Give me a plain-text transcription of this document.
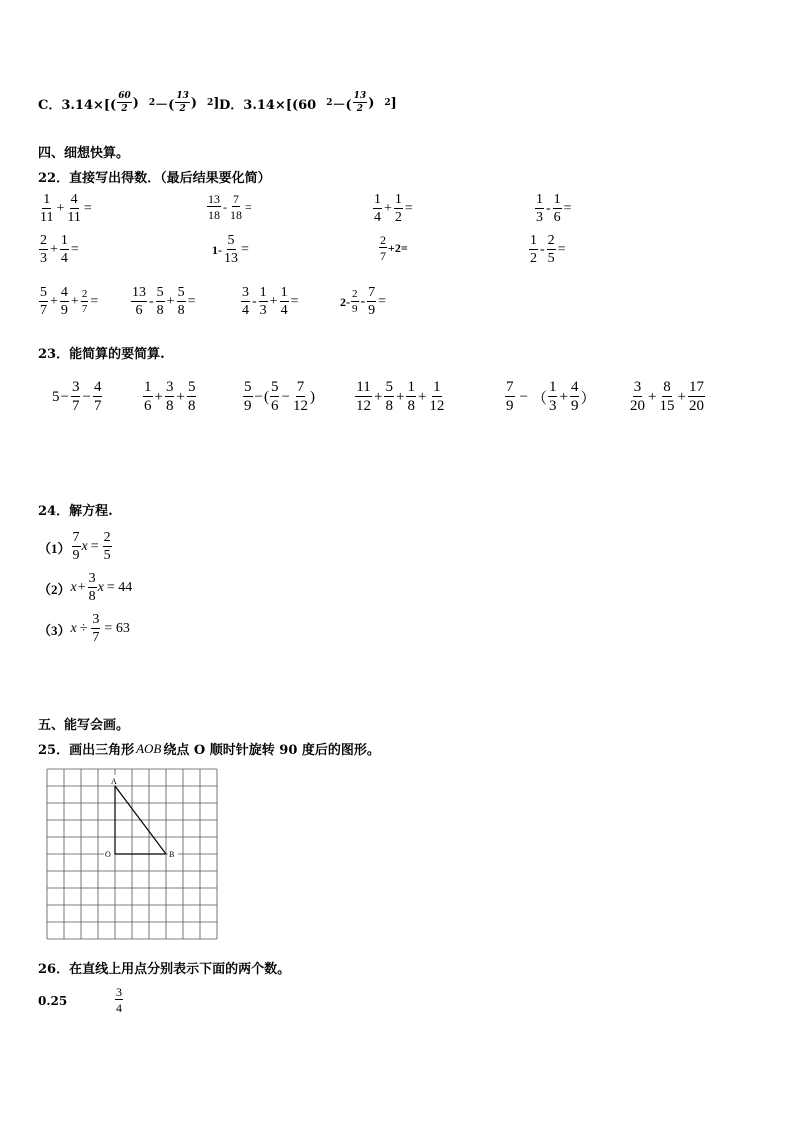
C．3.14×[(
60
2 ) 2 －(
13
2 ) 2 ] D．3.14×[(60 2 －(
13
2 ) 2 ]
四、细想快算。
22．直接写出得数．（最后结果要化简）
1
11
+ $\frac{4}{11}$ =
13
18
- $\frac{7}{18}$ =	1
4
+ $\frac{1}{2}$ =
1
3
- $\frac{1}{6}$ =
2
3
+ $\frac{1}{4}$ =	$1- \frac{5}{13}$ =
2
7
+2=	1
2
- $\frac{2}{5}$ =
5
7
+ $\frac{4}{9} + \frac{2}{7}$ =
13
6
-
5
8
+ $\frac{5}{8}$ =
3
4
-
1
3
+ $\frac{1}{4}$ =	2-
2
$9 - \frac{7}{9}$ =
23．能简算的要简算.
$5 - \frac{3}{7} - \frac{4}{7}$	1
6
+ $\frac{3}{8} + \frac{5}{8}$	5
9
− (
5
6
− $\frac{7}{12}$ )
11
12
+ $\frac{5}{8} + \frac{1}{8} + \frac{1}{12}$	7
9
− （
1
3
+ $\frac{4}{9}$ ）
3
20
+ $\frac{8}{15} + \frac{17}{20}$
24．解方程.
（1）
7
9
$x = \frac{2}{5}$
（2） $x + \frac{3}{8}$ x = 44
（3） $x \div \frac{3}{7} = 63$
五、能写会画。
25．画出三角形 AOB 绕点 O 顺时针旋转 90 度后的图形。
A
O	B
26．在直线上用点分别表示下面的两个数。
0.25
3
4
